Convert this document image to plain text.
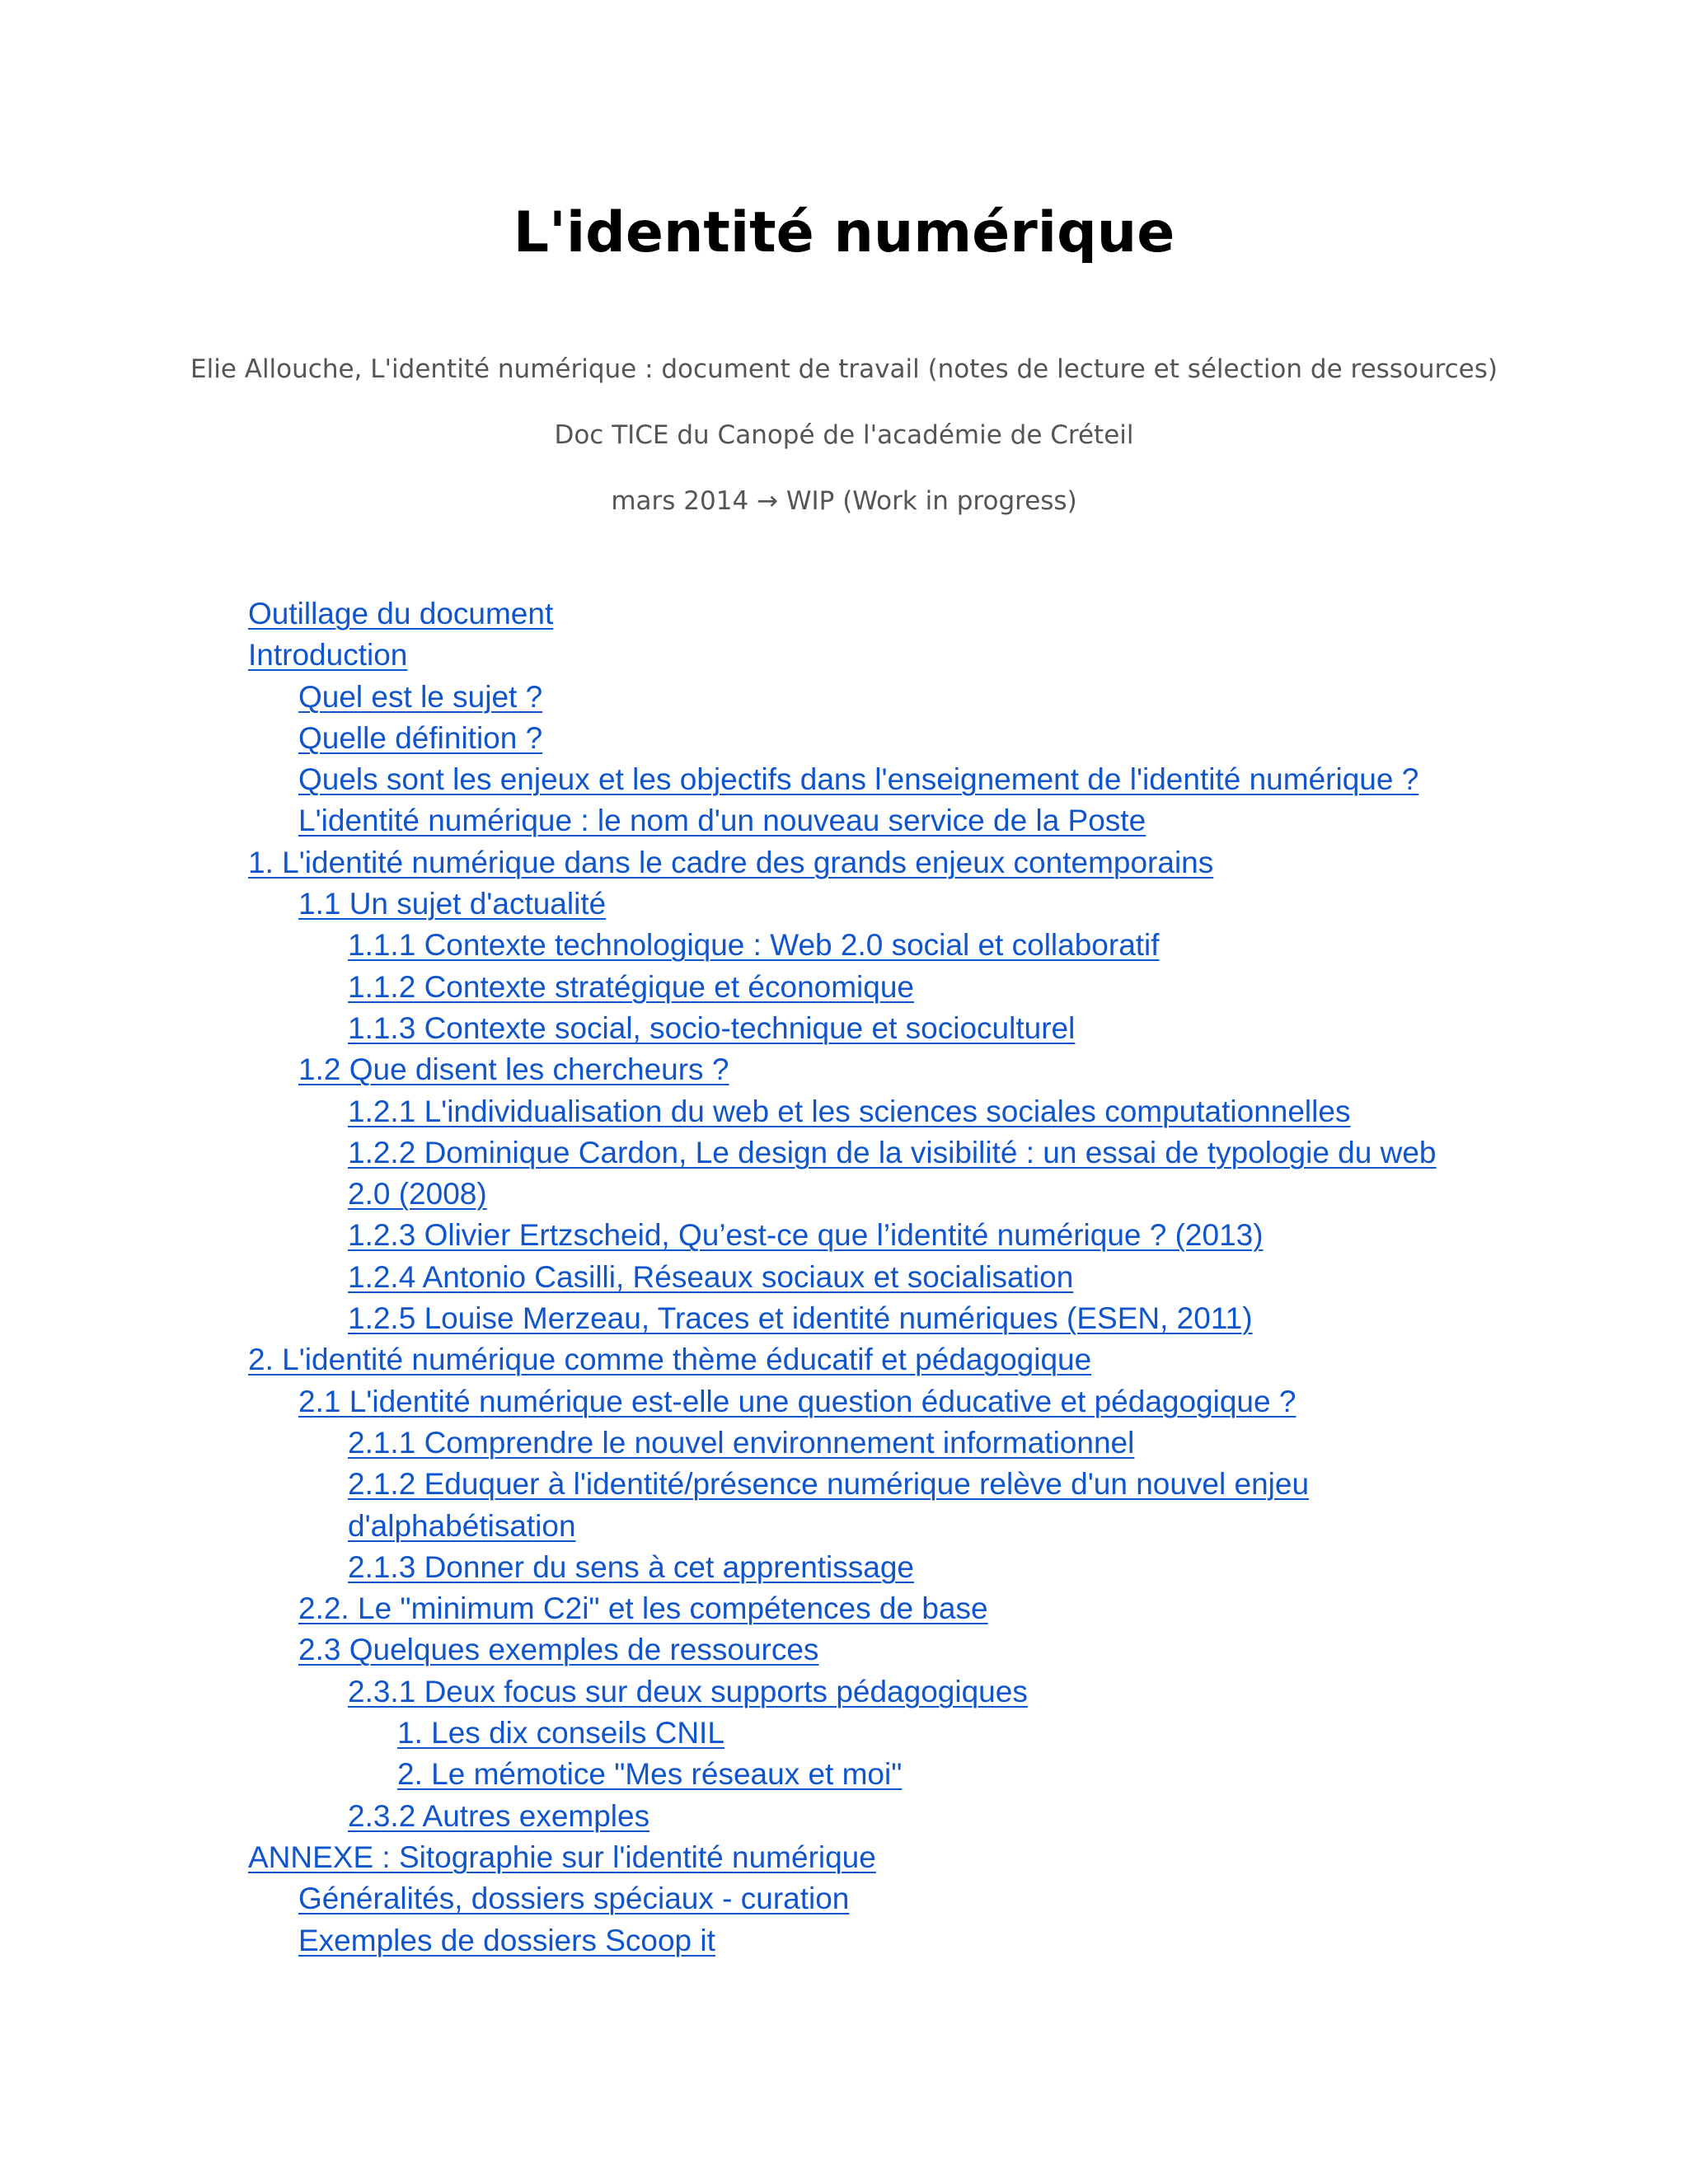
L'identité numérique
Elie Allouche, L'identité numérique : document de travail (notes de lecture et sélection de ressources)
Doc TICE du Canopé de l'académie de Créteil
mars 2014 → WIP (Work in progress)
Outillage du document
Introduction
Quel est le sujet ?
Quelle définition ?
Quels sont les enjeux et les objectifs dans l'enseignement de l'identité numérique ?
L'identité numérique : le nom d'un nouveau service de la Poste
1. L'identité numérique dans le cadre des grands enjeux contemporains
1.1 Un sujet d'actualité
1.1.1 Contexte technologique : Web 2.0 social et collaboratif
1.1.2 Contexte stratégique et économique
1.1.3 Contexte social, socio-technique et socioculturel
1.2 Que disent les chercheurs ?
1.2.1 L'individualisation du web et les sciences sociales computationnelles
1.2.2 Dominique Cardon, Le design de la visibilité : un essai de typologie du web 2.0 (2008)
1.2.3 Olivier Ertzscheid, Qu’est-ce que l’identité numérique ? (2013)
1.2.4 Antonio Casilli, Réseaux sociaux et socialisation
1.2.5 Louise Merzeau, Traces et identité numériques (ESEN, 2011)
2. L'identité numérique comme thème éducatif et pédagogique
2.1 L'identité numérique est-elle une question éducative et pédagogique ?
2.1.1 Comprendre le nouvel environnement informationnel
2.1.2 Eduquer à l'identité/présence numérique relève d'un nouvel enjeu d'alphabétisation
2.1.3 Donner du sens à cet apprentissage
2.2. Le "minimum C2i" et les compétences de base
2.3 Quelques exemples de ressources
2.3.1 Deux focus sur deux supports pédagogiques
1. Les dix conseils CNIL
2. Le mémotice "Mes réseaux et moi"
2.3.2 Autres exemples
ANNEXE : Sitographie sur l'identité numérique
Généralités, dossiers spéciaux - curation
Exemples de dossiers Scoop it
